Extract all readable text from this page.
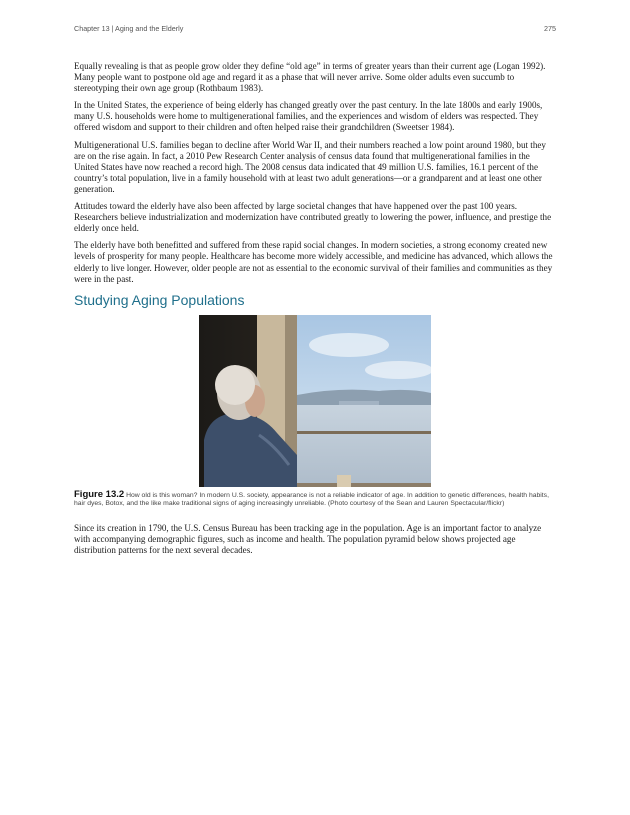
Chapter 13 | Aging and the Elderly	275

Equally revealing is that as people grow older they define “old age” in terms of greater years than their current age (Logan 1992). Many people want to postpone old age and regard it as a phase that will never arrive. Some older adults even succumb to stereotyping their own age group (Rothbaum 1983).

In the United States, the experience of being elderly has changed greatly over the past century. In the late 1800s and early 1900s, many U.S. households were home to multigenerational families, and the experiences and wisdom of elders was respected. They offered wisdom and support to their children and often helped raise their grandchildren (Sweetser 1984).

Multigenerational U.S. families began to decline after World War II, and their numbers reached a low point around 1980, but they are on the rise again. In fact, a 2010 Pew Research Center analysis of census data found that multigenerational families in the United States have now reached a record high. The 2008 census data indicated that 49 million U.S. families, 16.1 percent of the country’s total population, live in a family household with at least two adult generations—or a grandparent and at least one other generation.

Attitudes toward the elderly have also been affected by large societal changes that have happened over the past 100 years. Researchers believe industrialization and modernization have contributed greatly to lowering the power, influence, and prestige the elderly once held.

The elderly have both benefitted and suffered from these rapid social changes. In modern societies, a strong economy created new levels of prosperity for many people. Healthcare has become more widely accessible, and medicine has advanced, which allows the elderly to live longer. However, older people are not as essential to the economic survival of their families and communities as they were in the past.

Studying Aging Populations
Figure 13.2 How old is this woman? In modern U.S. society, appearance is not a reliable indicator of age. In addition to genetic differences, health habits, hair dyes, Botox, and the like make traditional signs of aging increasingly unreliable. (Photo courtesy of the Sean and Lauren Spectacular/flickr)

Since its creation in 1790, the U.S. Census Bureau has been tracking age in the population. Age is an important factor to analyze with accompanying demographic figures, such as income and health. The population pyramid below shows projected age distribution patterns for the next several decades.
